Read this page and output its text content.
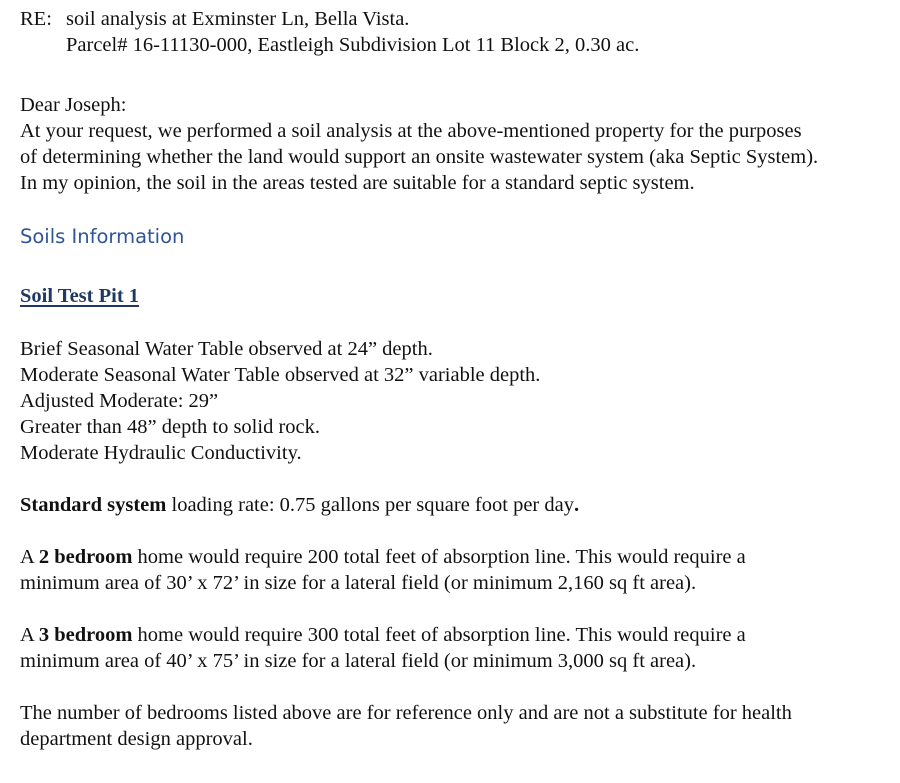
RE: soil analysis at Exminster Ln, Bella Vista.
Parcel# 16-11130-000, Eastleigh Subdivision Lot 11 Block 2, 0.30 ac.
Dear Joseph:
At your request, we performed a soil analysis at the above-mentioned property for the purposes
of determining whether the land would support an onsite wastewater system (aka Septic System).
In my opinion, the soil in the areas tested are suitable for a standard septic system.
Soils Information
Soil Test Pit 1
Brief Seasonal Water Table observed at 24” depth.
Moderate Seasonal Water Table observed at 32” variable depth.
Adjusted Moderate: 29”
Greater than 48” depth to solid rock.
Moderate Hydraulic Conductivity.
Standard system loading rate: 0.75 gallons per square foot per day.
A 2 bedroom home would require 200 total feet of absorption line. This would require a
minimum area of 30’ x 72’ in size for a lateral field (or minimum 2,160 sq ft area).
A 3 bedroom home would require 300 total feet of absorption line. This would require a
minimum area of 40’ x 75’ in size for a lateral field (or minimum 3,000 sq ft area).
The number of bedrooms listed above are for reference only and are not a substitute for health
department design approval.
